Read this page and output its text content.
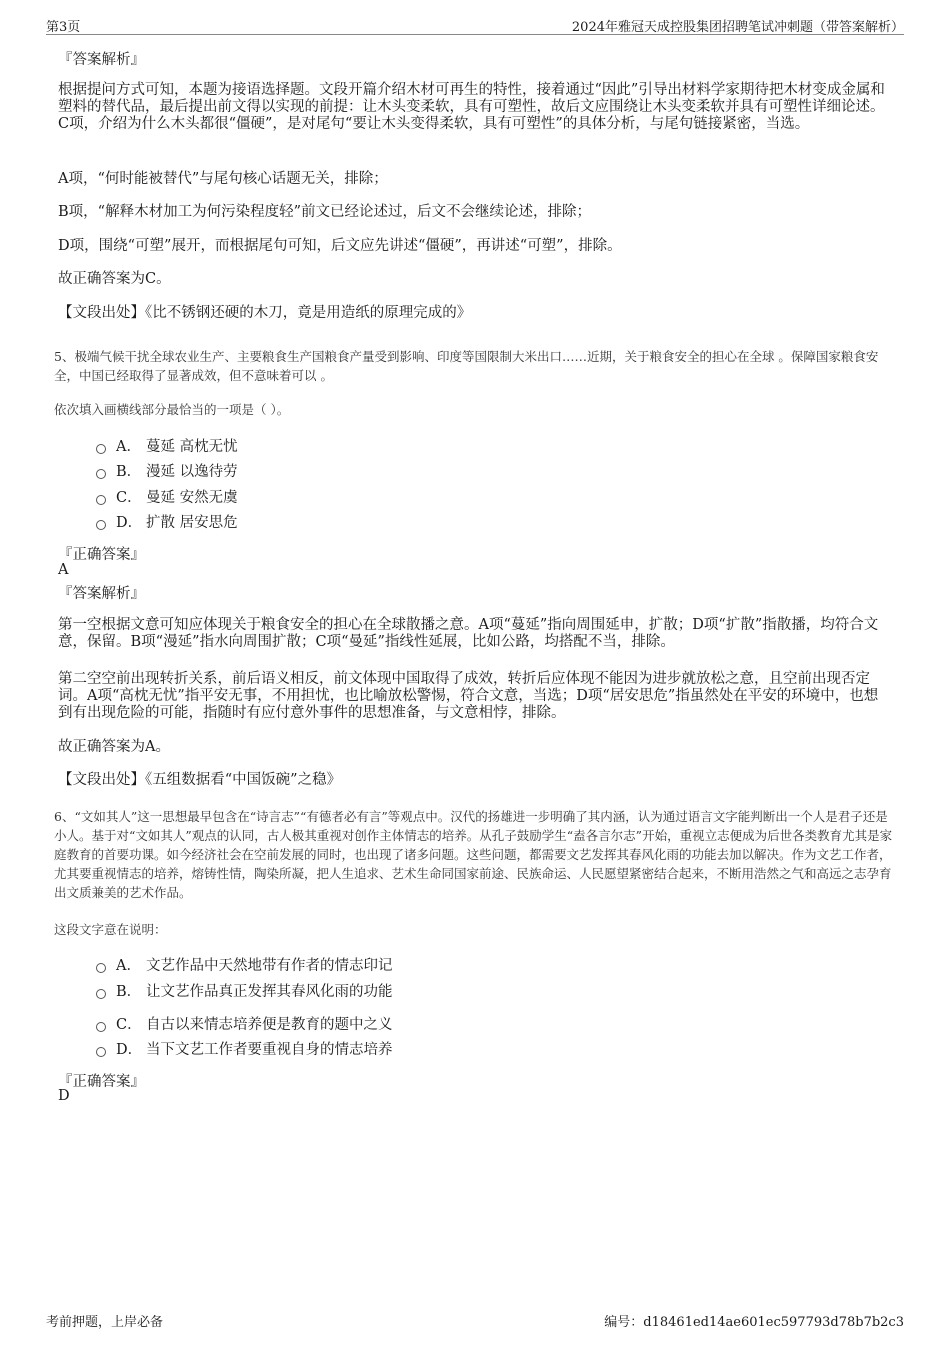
第3页	2024年雅冠天成控股集团招聘笔试冲刺题（带答案解析）
『答案解析』

根据提问方式可知，本题为接语选择题。文段开篇介绍木材可再生的特性，接着通过“因此”引导出材料学家期待把木材变成金属和塑料的替代品，最后提出前文得以实现的前提：让木头变柔软，具有可塑性，故后文应围绕让木头变柔软并具有可塑性详细论述。C项，介绍为什么木头都很“僵硬”，是对尾句“要让木头变得柔软，具有可塑性”的具体分析，与尾句链接紧密，当选。

A项，“何时能被替代”与尾句核心话题无关，排除；

B项，“解释木材加工为何污染程度轻”前文已经论述过，后文不会继续论述，排除；

D项，围绕“可塑”展开，而根据尾句可知，后文应先讲述“僵硬”，再讲述“可塑”，排除。

故正确答案为C。

【文段出处】《比不锈钢还硬的木刀，竟是用造纸的原理完成的》

5、极端气候干扰全球农业生产、主要粮食生产国粮食产量受到影响、印度等国限制大米出口……近期，关于粮食安全的担心在全球 。保障国家粮食安全，中国已经取得了显著成效，但不意味着可以 。

依次填入画横线部分最恰当的一项是（ ）。

A． 蔓延 高枕无忧
B． 漫延 以逸待劳
C． 曼延 安然无虞
D． 扩散 居安思危
『正确答案』
A
『答案解析』

第一空根据文意可知应体现关于粮食安全的担心在全球散播之意。A项“蔓延”指向周围延申，扩散；D项“扩散”指散播，均符合文意，保留。B项“漫延”指水向周围扩散；C项“曼延”指线性延展，比如公路，均搭配不当，排除。

第二空空前出现转折关系，前后语义相反，前文体现中国取得了成效，转折后应体现不能因为进步就放松之意，且空前出现否定词。A项“高枕无忧”指平安无事，不用担忧，也比喻放松警惕，符合文意，当选；D项“居安思危”指虽然处在平安的环境中，也想到有出现危险的可能，指随时有应付意外事件的思想准备，与文意相悖，排除。

故正确答案为A。

【文段出处】《五组数据看“中国饭碗”之稳》

6、“文如其人”这一思想最早包含在“诗言志”“有德者必有言”等观点中。汉代的扬雄进一步明确了其内涵，认为通过语言文字能判断出一个人是君子还是小人。基于对“文如其人”观点的认同，古人极其重视对创作主体情志的培养。从孔子鼓励学生“盍各言尔志”开始，重视立志便成为后世各类教育尤其是家庭教育的首要功课。如今经济社会在空前发展的同时，也出现了诸多问题。这些问题，都需要文艺发挥其春风化雨的功能去加以解决。作为文艺工作者，尤其要重视情志的培养，熔铸性情，陶染所凝，把人生追求、艺术生命同国家前途、民族命运、人民愿望紧密结合起来，不断用浩然之气和高远之志孕育出文质兼美的艺术作品。

这段文字意在说明：

A． 文艺作品中天然地带有作者的情志印记
B． 让文艺作品真正发挥其春风化雨的功能
C． 自古以来情志培养便是教育的题中之义
D． 当下文艺工作者要重视自身的情志培养
『正确答案』
D
考前押题，上岸必备	编号：d18461ed14ae601ec597793d78b7b2c3
